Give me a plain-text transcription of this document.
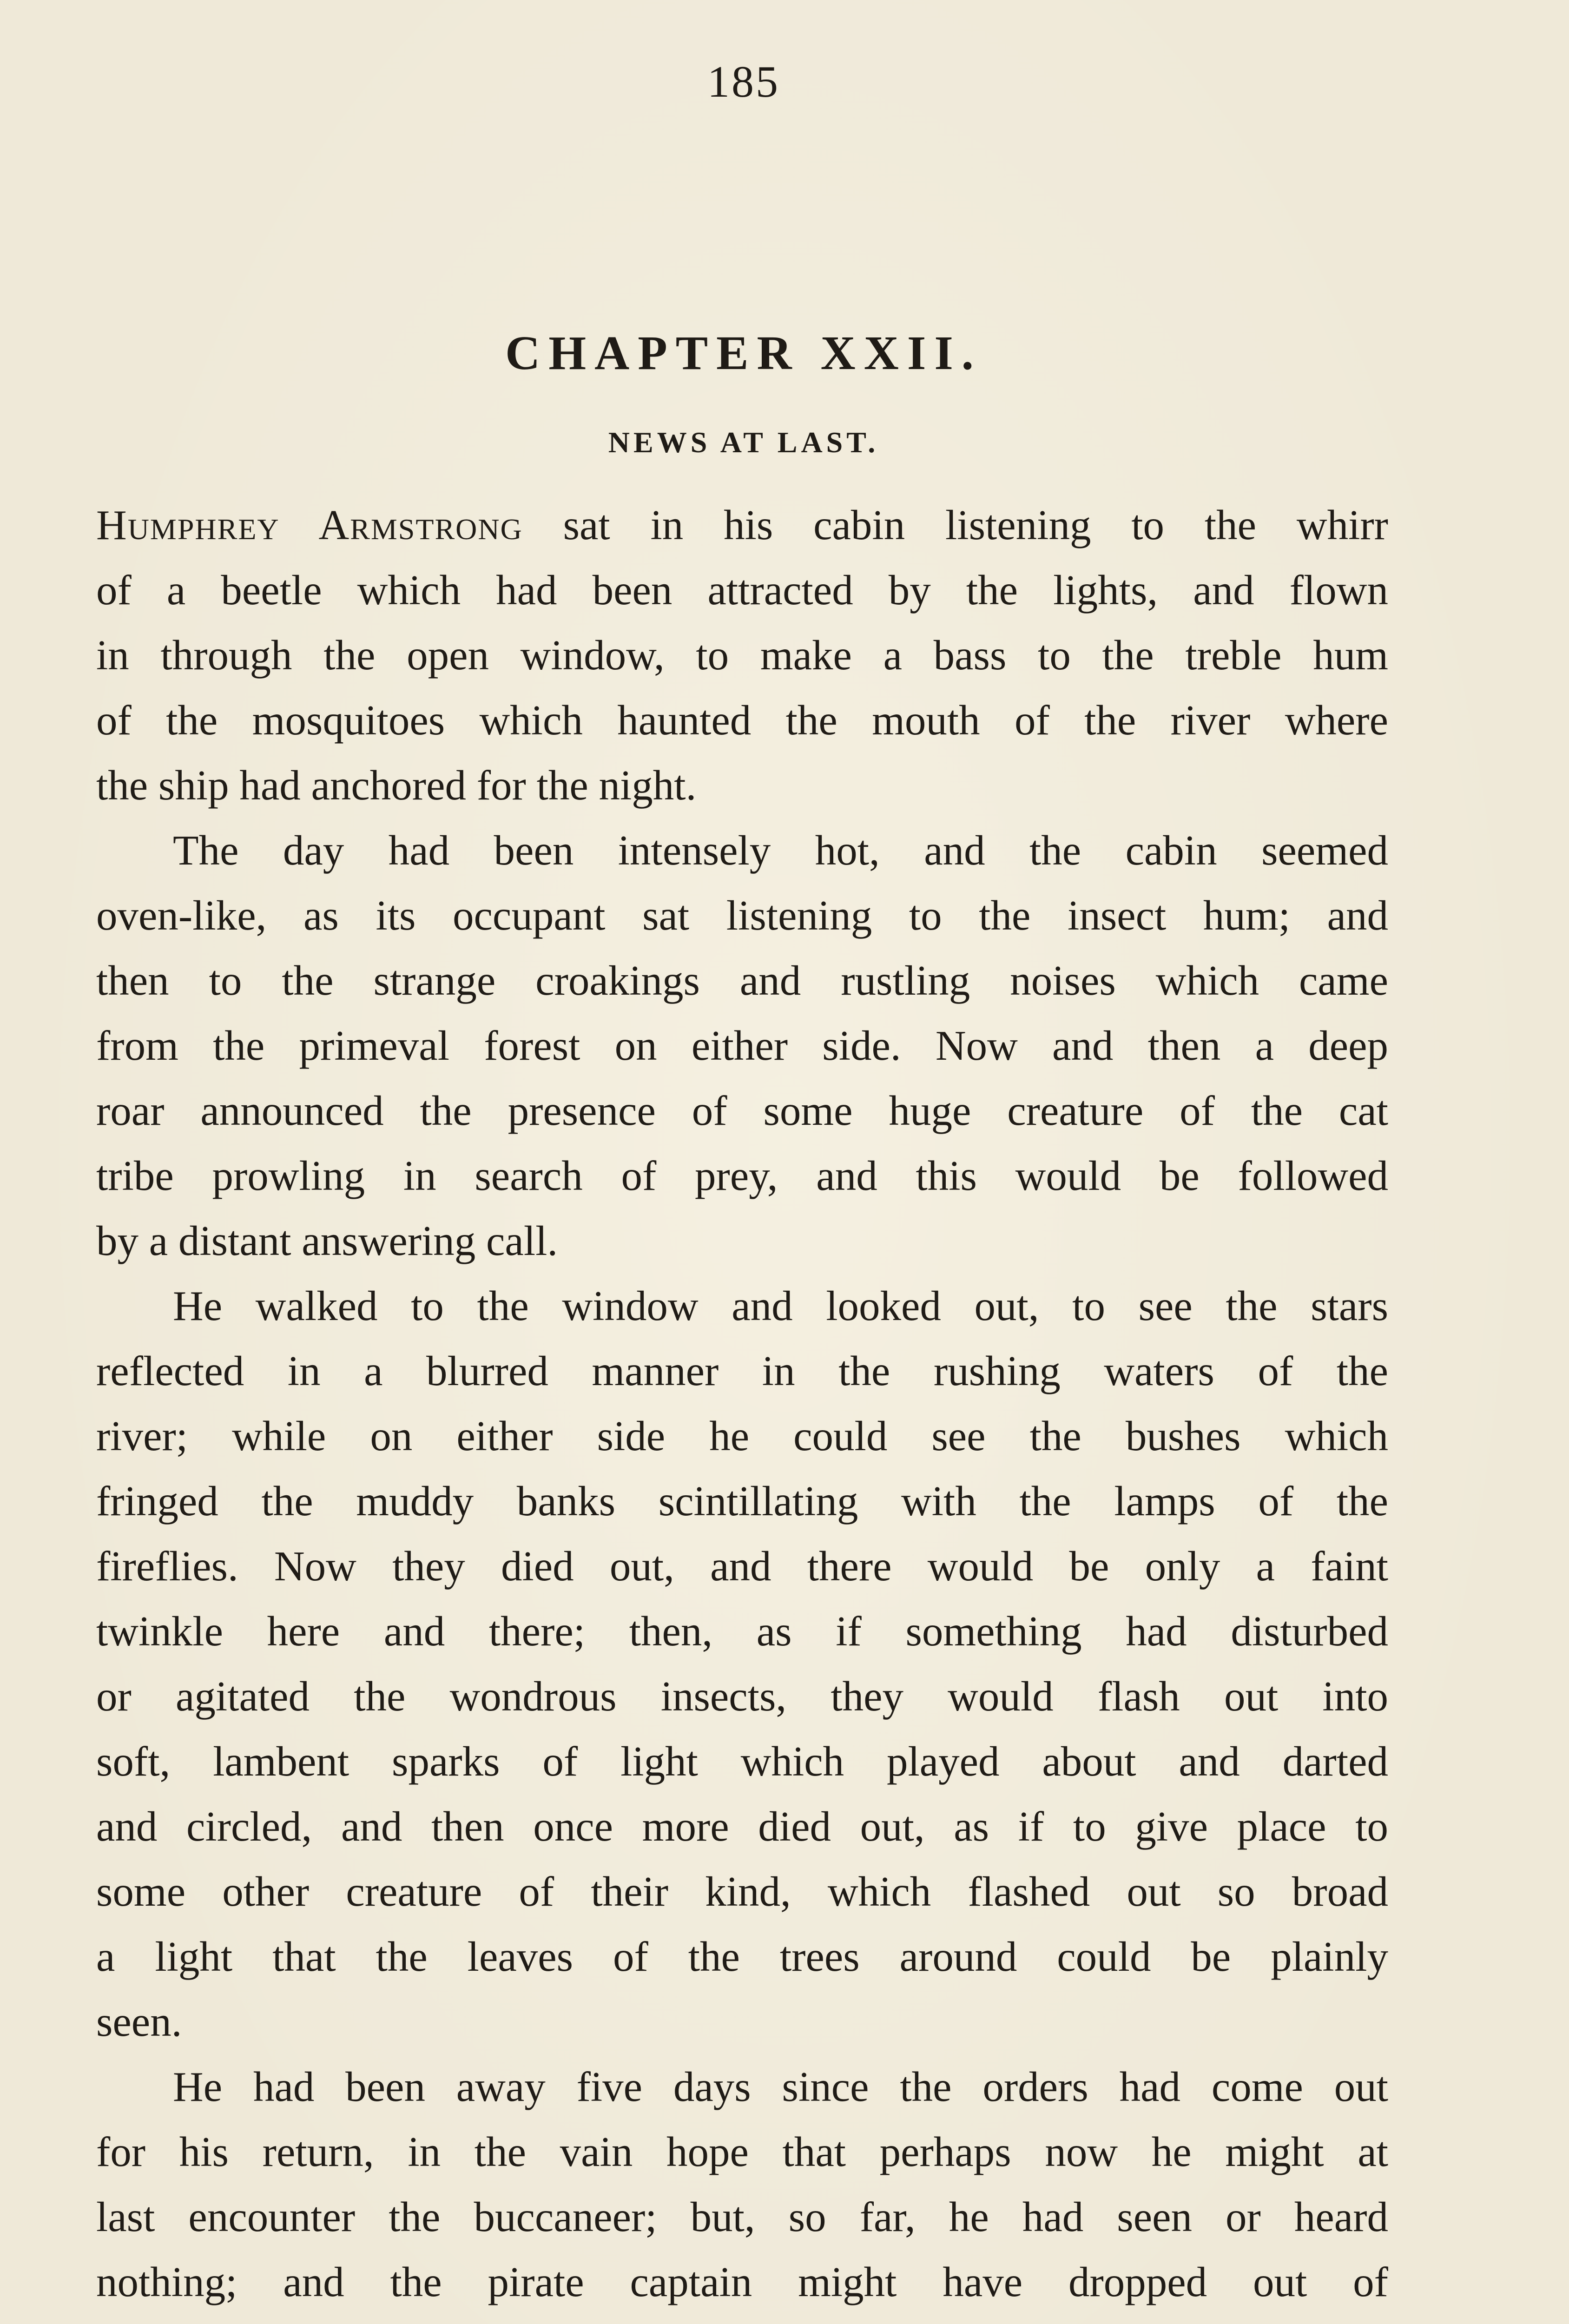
185
CHAPTER XXII.
NEWS AT LAST.
Humphrey Armstrong sat in his cabin listening to the whirr
of a beetle which had been attracted by the lights, and flown
in through the open window, to make a bass to the treble hum
of the mosquitoes which haunted the mouth of the river where
the ship had anchored for the night.
The day had been intensely hot, and the cabin seemed
oven-like, as its occupant sat listening to the insect hum; and
then to the strange croakings and rustling noises which came
from the primeval forest on either side. Now and then a deep
roar announced the presence of some huge creature of the cat
tribe prowling in search of prey, and this would be followed
by a distant answering call.
He walked to the window and looked out, to see the stars
reflected in a blurred manner in the rushing waters of the
river; while on either side he could see the bushes which
fringed the muddy banks scintillating with the lamps of the
fireflies. Now they died out, and there would be only a faint
twinkle here and there; then, as if something had disturbed
or agitated the wondrous insects, they would flash out into
soft, lambent sparks of light which played about and darted
and circled, and then once more died out, as if to give place to
some other creature of their kind, which flashed out so broad
a light that the leaves of the trees around could be plainly
seen.
He had been away five days since the orders had come out
for his return, in the vain hope that perhaps now he might at
last encounter the buccaneer; but, so far, he had seen or heard
nothing; and the pirate captain might have dropped out of
